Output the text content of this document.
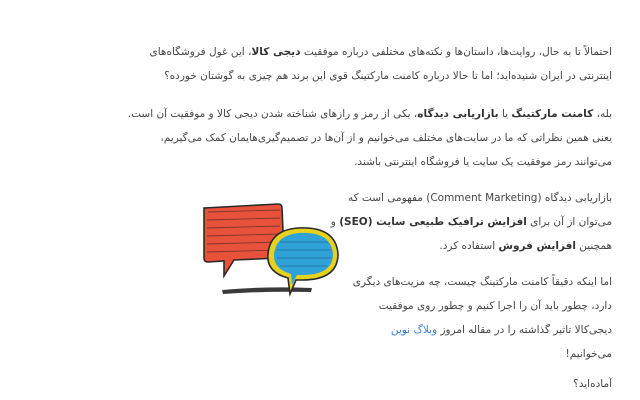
احتمالاً تا به حال، روایت‌ها، داستان‌ها و نکته‌های مختلفی درباره موفقیت دیجی کالا، این غول فروشگاه‌های
اینترنتی در ایران شنیده‌اید؛ اما تا حالا درباره کامنت مارکتینگ قوی این برند هم چیزی به گوشتان خورده؟

بله، کامنت مارکتینگ یا بازاریابی دیدگاه، یکی از رمز و رازهای شناخته شدن دیجی کالا و موفقیت آن است.
یعنی همین نظراتی که ما در سایت‌های مختلف می‌خوانیم و از آن‌ها در تصمیم‌گیری‌هایمان کمک می‌گیریم،
می‌توانند رمز موفقیت یک سایت یا فروشگاه اینترنتی باشند.

بازاریابی دیدگاه (Comment Marketing) مفهومی است که
می‌توان از آن برای افزایش ترافیک طبیعی سایت (SEO) و
همچنین افزایش فروش استفاده کرد.

اما اینکه دقیقاً کامنت مارکتینگ چیست، چه مزیت‌های دیگری
دارد، چطور باید آن را اجرا کنیم و چطور روی موفقیت
دیجی‌کالا تاثیر گذاشته را در مقاله امروز وبلاگ نوین
می‌خوانیم!

آماده‌اید؟
